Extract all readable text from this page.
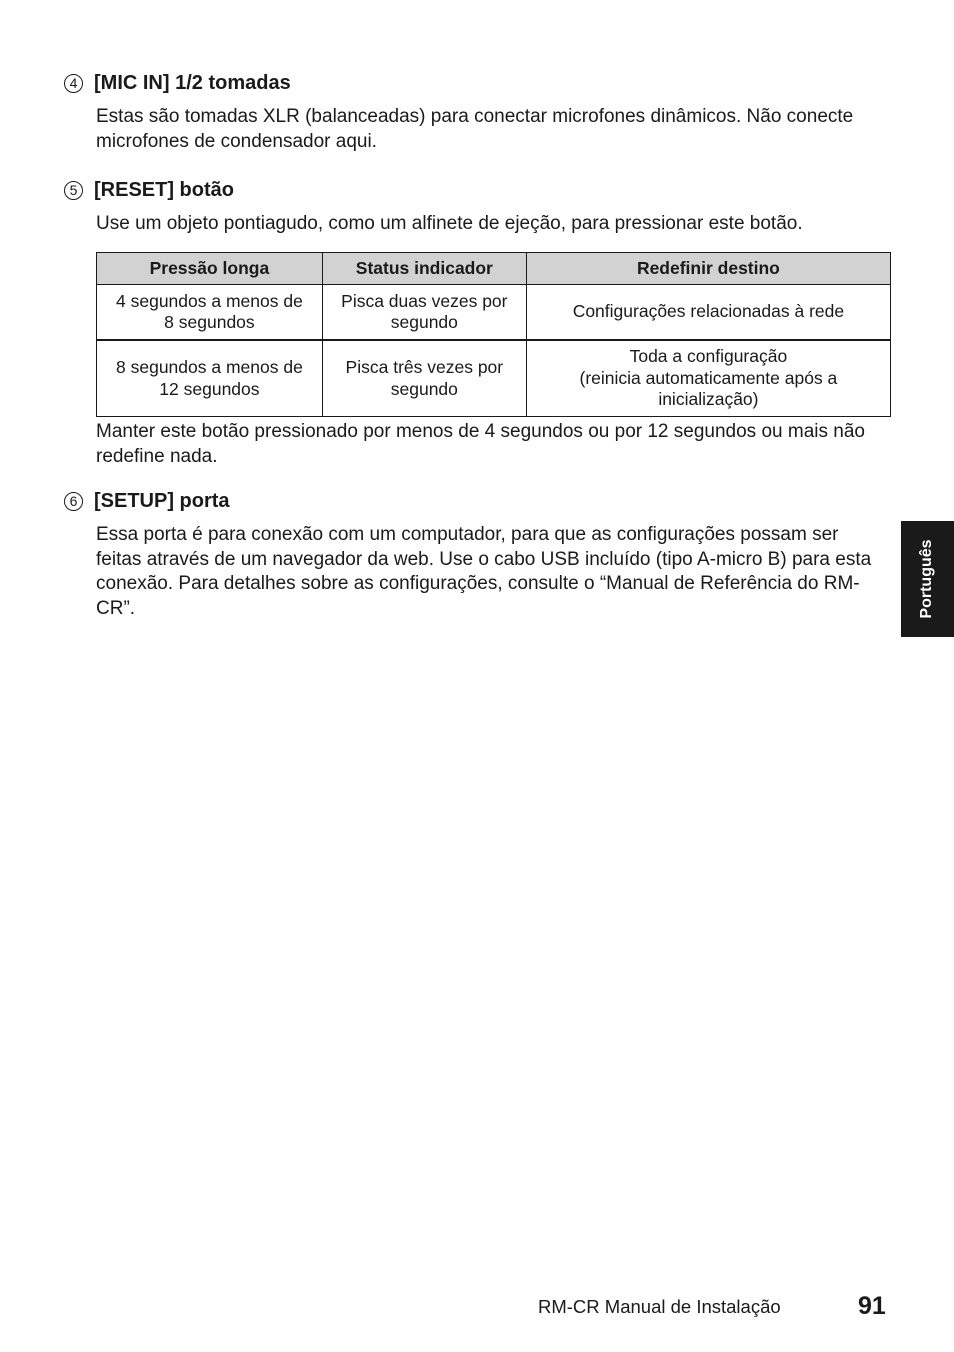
4 [MIC IN] 1/2 tomadas

Estas são tomadas XLR (balanceadas) para conectar microfones dinâmicos. Não conecte microfones de condensador aqui.

5 [RESET] botão

Use um objeto pontiagudo, como um alfinete de ejeção, para pressionar este botão.

Pressão longa	Status indicador	Redefinir destino

4 segundos a menos de
8 segundos	Pisca duas vezes por
segundo	Configurações relacionadas à rede

8 segundos a menos de
12 segundos	Pisca três vezes por
segundo	Toda a configuração
(reinicia automaticamente após a
inicialização)

Manter este botão pressionado por menos de 4 segundos ou por 12 segundos ou mais não redefine nada.

6 [SETUP] porta

Essa porta é para conexão com um computador, para que as configurações possam ser feitas através de um navegador da web. Use o cabo USB incluído (tipo A-micro B) para esta conexão. Para detalhes sobre as configurações, consulte o “Manual de Referência do RM-CR”.	Português
RM-CR Manual de Instalação	91
